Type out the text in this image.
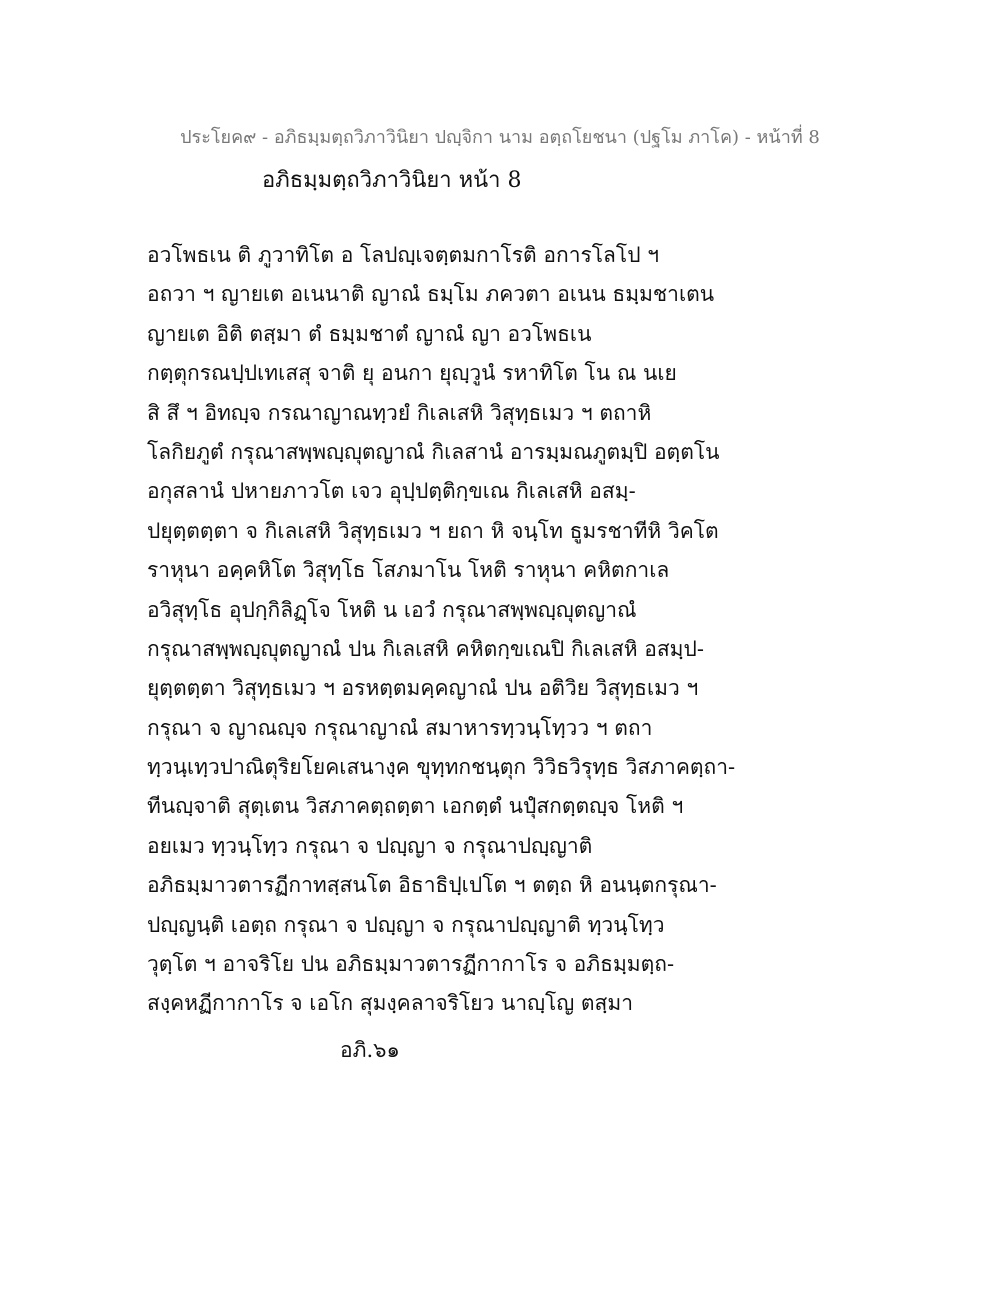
ประโยค๙ - อภิธมฺมตฺถวิภาวินิยา ปญฺจิกา นาม อตฺถโยชนา (ปฐโม ภาโค) - หน้าที่ 8
อภิธมฺมตฺถวิภาวินิยา หน้า 8
อวโพธเน ติ ภูวาทิโต อ โลปญฺเจตฺตมกาโรติ อการโลโป ฯ
อถวา ฯ ญายเต อเนนาติ ญาณํ ธมฺโม ภควตา อเนน ธมฺมชาเตน
ญายเต อิติ ตสฺมา ตํ ธมฺมชาตํ ญาณํ ญา อวโพธเน
กตฺตุกรณปฺปเทเสสุ จาติ ยุ อนกา ยุญฺวูนํ รหาทิโต โน ณ นเย
สิ สึ ฯ อิทญฺจ กรณาญาณทฺวยํ กิเลเสหิ วิสุทฺธเมว ฯ ตถาหิ
โลกิยภูตํ กรุณาสพฺพญฺญุตญาณํ กิเลสานํ อารมฺมณภูตมฺปิ อตฺตโน
อกุสลานํ ปหายภาวโต เจว อุปฺปตฺติกฺขเณ กิเลเสหิ อสมฺ-
ปยุตฺตตฺตา จ กิเลเสหิ วิสุทฺธเมว ฯ ยถา หิ จนฺโท ธูมรชาทีหิ วิคโต
ราหุนา อคฺคหิโต วิสุทฺโธ โสภมาโน โหติ ราหุนา คหิตกาเล
อวิสุทฺโธ อุปกฺกิลิฏฺโจ โหติ น เอวํ กรุณาสพฺพญฺญุตญาณํ
กรุณาสพฺพญฺญุตญาณํ ปน กิเลเสหิ คหิตกฺขเณปิ กิเลเสหิ อสมฺป-
ยุตฺตตฺตา วิสุทฺธเมว ฯ อรหตฺตมคฺคญาณํ ปน อติวิย วิสุทฺธเมว ฯ
กรุณา จ ญาณญฺจ กรุณาญาณํ สมาหารทฺวนฺโทฺวว ฯ ตถา
ทฺวนฺเทฺวปาณิตุริยโยคเสนางฺค ขุทฺทกชนฺตุก วิวิธวิรุทฺธ วิสภาคตฺถา-
ทีนญฺจาติ สุตฺเตน วิสภาคตฺถตฺตา เอกตฺตํ นปุํสกตฺตญฺจ โหติ ฯ
อยเมว ทฺวนฺโทฺว กรุณา จ ปญฺญา จ กรุณาปญฺญาติ
อภิธมฺมาวตารฏีกาทสฺสนโต อิธาธิปฺเปโต ฯ ตตฺถ หิ อนนฺตกรุณา-
ปญฺญนฺติ เอตฺถ กรุณา จ ปญฺญา จ กรุณาปญฺญาติ ทฺวนฺโทฺว
วุตฺโต ฯ อาจริโย ปน อภิธมฺมาวตารฏีกากาโร จ อภิธมฺมตฺถ-
สงฺคหฏีกากาโร จ เอโก สุมงฺคลาจริโยว นาญฺโญ ตสฺมา
อภิ.๖๑
